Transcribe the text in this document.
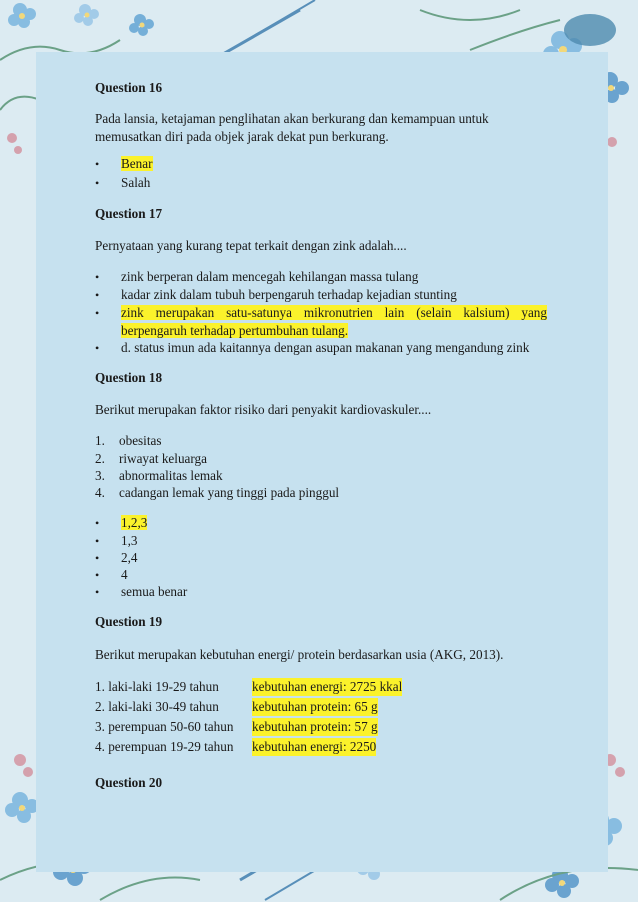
Question 16
Pada lansia, ketajaman penglihatan akan berkurang dan kemampuan untuk memusatkan diri pada objek jarak dekat pun berkurang.
•	Benar
•	Salah
Question 17
Pernyataan yang kurang tepat terkait dengan zink adalah....
•	zink berperan dalam mencegah kehilangan massa tulang
•	kadar zink dalam tubuh berpengaruh terhadap kejadian stunting
•	zink merupakan satu-satunya mikronutrien lain (selain kalsium) yang berpengaruh terhadap pertumbuhan tulang.
•	d. status imun ada kaitannya dengan asupan makanan yang mengandung zink
Question 18
Berikut merupakan faktor risiko dari penyakit kardiovaskuler....
1. obesitas
2. riwayat keluarga
3. abnormalitas lemak
4. cadangan lemak yang tinggi pada pinggul
•	1,2,3
•	1,3
•	2,4
•	4
•	semua benar
Question 19
Berikut merupakan kebutuhan energi/ protein berdasarkan usia (AKG, 2013).
1. laki-laki 19-29 tahun	kebutuhan energi: 2725 kkal
2. laki-laki 30-49 tahun	kebutuhan protein: 65 g
3. perempuan 50-60 tahun kebutuhan protein: 57 g
4. perempuan 19-29 tahun kebutuhan energi: 2250
Question 20
